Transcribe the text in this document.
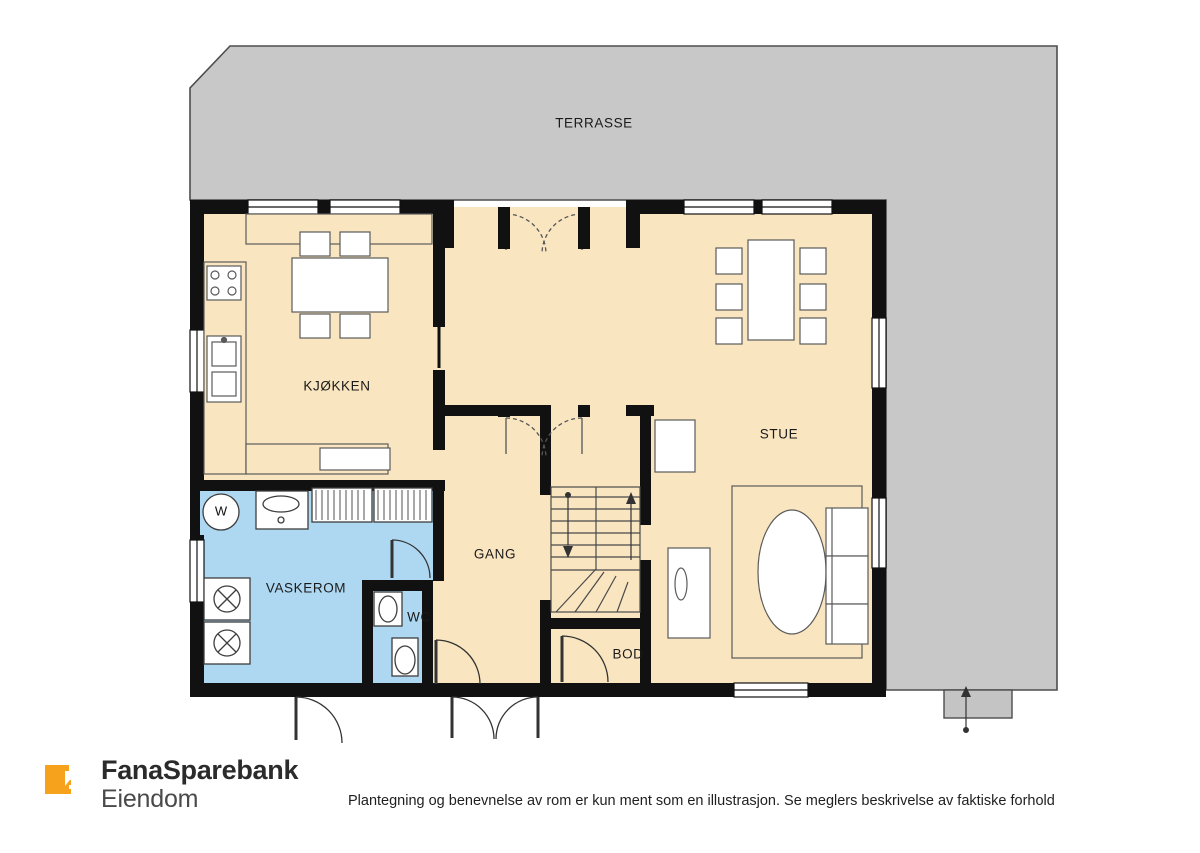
TERRASSE
KJØKKEN
STUE
GANG
VASKEROM
WC
BOD
W
FanaSparebank
Eiendom	Plantegning og benevnelse av rom er kun ment som en illustrasjon. Se meglers beskrivelse av faktiske forhold
